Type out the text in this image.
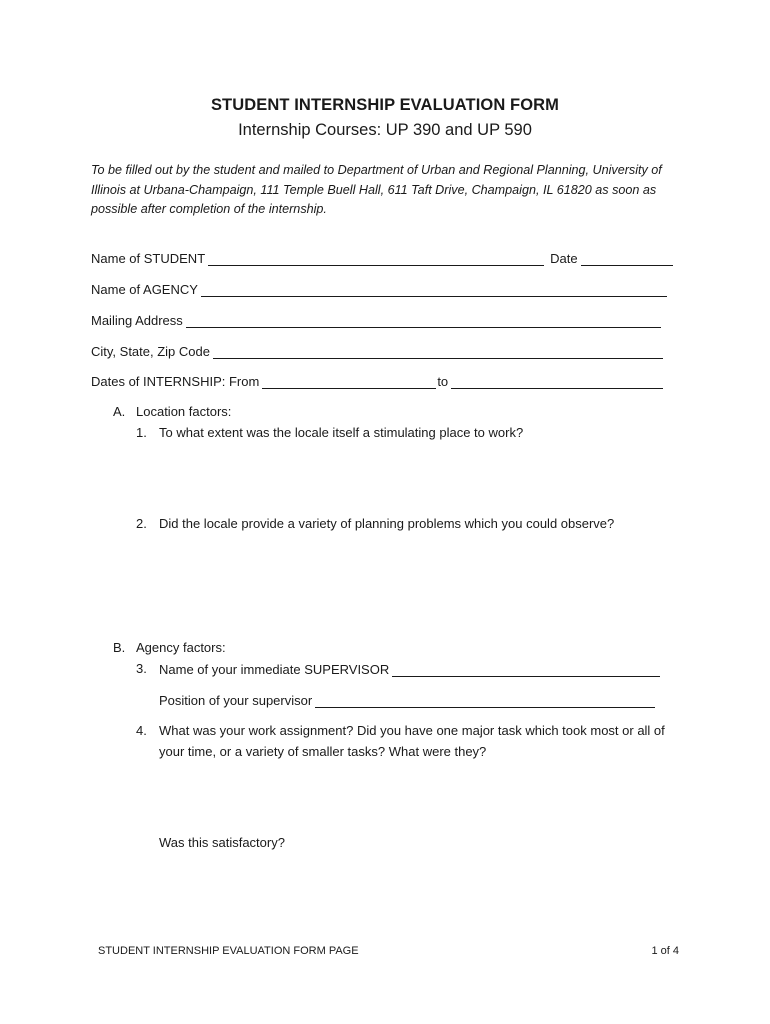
STUDENT INTERNSHIP EVALUATION FORM
Internship Courses: UP 390 and UP 590
To be filled out by the student and mailed to Department of Urban and Regional Planning, University of Illinois at Urbana-Champaign, 111 Temple Buell Hall, 611 Taft Drive, Champaign, IL 61820 as soon as possible after completion of the internship.
Name of STUDENT	Date
Name of AGENCY
Mailing Address
City, State, Zip Code
Dates of INTERNSHIP: From	to
A. Location factors:
1. To what extent was the locale itself a stimulating place to work?
2. Did the locale provide a variety of planning problems which you could observe?
B. Agency factors:
3. Name of your immediate SUPERVISOR
Position of your supervisor
4. What was your work assignment? Did you have one major task which took most or all of your time, or a variety of smaller tasks? What were they?
Was this satisfactory?
STUDENT INTERNSHIP EVALUATION FORM PAGE	1 of 4
